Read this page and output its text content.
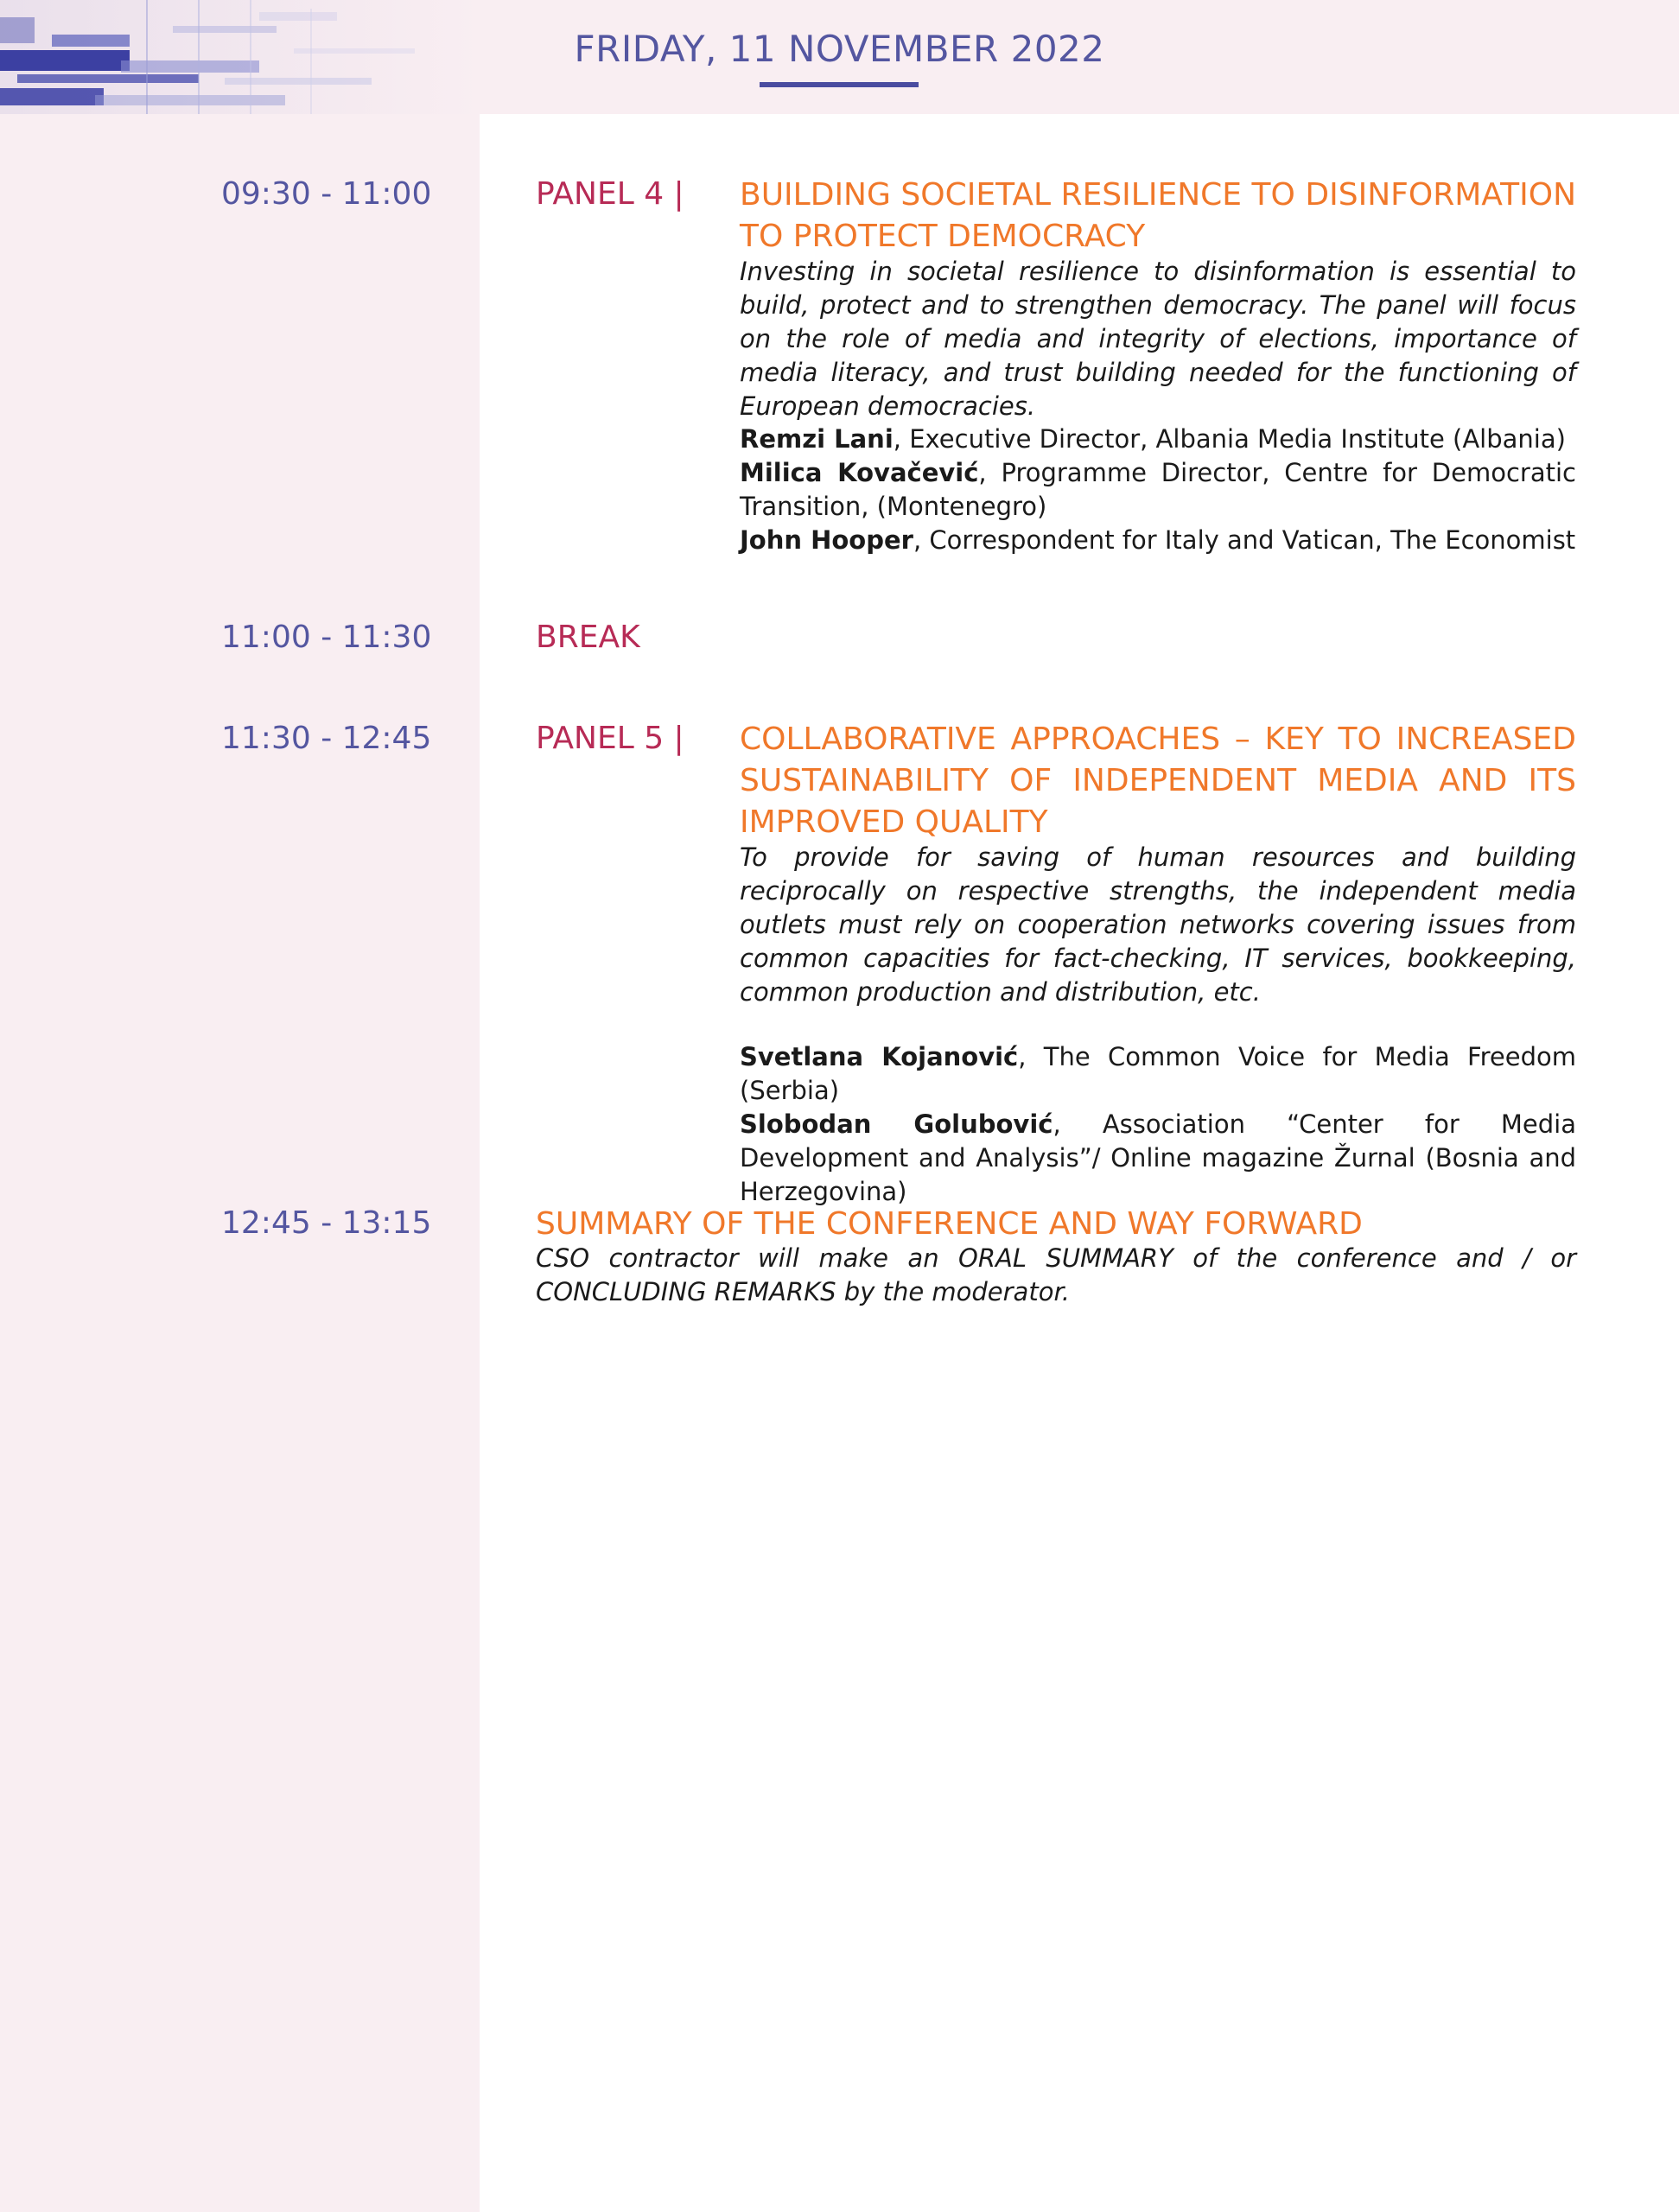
FRIDAY, 11 NOVEMBER 2022
09:30 - 11:00	PANEL 4 | BUILDING SOCIETAL RESILIENCE TO DISINFORMATION TO PROTECT DEMOCRACY

Investing in societal resilience to disinformation is essential to build, protect and to strengthen democracy. The panel will focus on the role of media and integrity of elections, importance of media literacy, and trust building needed for the functioning of European democracies.

Remzi Lani, Executive Director, Albania Media Institute (Albania)
Milica Kovačević, Programme Director, Centre for Democratic Transition, (Montenegro)
John Hooper, Correspondent for Italy and Vatican, The Economist
11:00 - 11:30	BREAK
11:30 - 12:45	PANEL 5 | COLLABORATIVE APPROACHES – KEY TO INCREASED SUSTAINABILITY OF INDEPENDENT MEDIA AND ITS IMPROVED QUALITY

To provide for saving of human resources and building reciprocally on respective strengths, the independent media outlets must rely on cooperation networks covering issues from common capacities for fact-checking, IT services, bookkeeping, common production and distribution, etc.

Svetlana Kojanović, The Common Voice for Media Freedom (Serbia)
Slobodan Golubović, Association “Center for Media Development and Analysis”/ Online magazine Žurnal (Bosnia and Herzegovina)
12:45 - 13:15	SUMMARY OF THE CONFERENCE AND WAY FORWARD

CSO contractor will make an ORAL SUMMARY of the conference and / or CONCLUDING REMARKS by the moderator.
